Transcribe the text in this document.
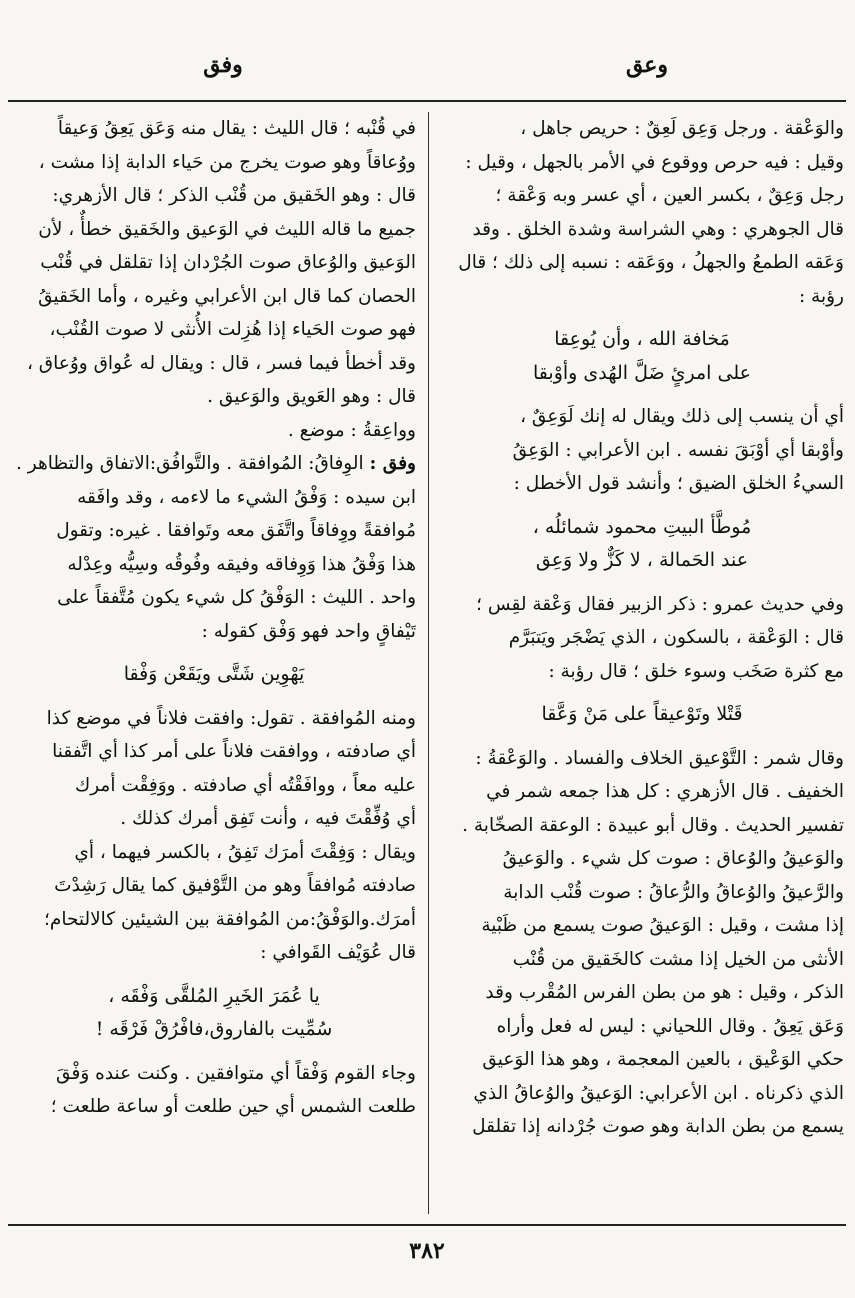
وعق
وفق

والوَعْقة . ورجل وَعِق لَعِقٌ : حريص جاهل ،

وقيل : فيه حرص ووقوع في الأمر بالجهل ، وقيل :

رجل وَعِقٌ ، بكسر العين ، أي عسر وبه وَعْقة ؛

قال الجوهري : وهي الشراسة وشدة الخلق . وقد

وَعَقه الطمعُ والجهلُ ، ووَعَقه : نسبه إلى ذلك ؛ قال

رؤبة :

مَخافة الله ، وأن يُوعِقا

على امرئٍ ضَلَّ الهُدى وأوْبقا

أي أن ينسب إلى ذلك ويقال له إنك لَوَعِقٌ ،

وأوْبقا أي أوْبَقَ نفسه . ابن الأعرابي : الوَعِقُ

السيءُ الخلق الضيق ؛ وأنشد قول الأخطل :

مُوطَّأ البيتِ محمود شمائلُه ،

عند الحَمالة ، لا كَزٌّ ولا وَعِق

وفي حديث عمرو : ذكر الزبير فقال وَعْقة لقِس ؛

قال : الوَعْقة ، بالسكون ، الذي يَضْجَر ويَتبَرَّم

مع كثرة صَخَب وسوء خلق ؛ قال رؤبة :

قَتْلا وتَوْعيقاً على مَنْ وَعَّقا

وقال شمر : التَّوْعيق الخلاف والفساد . والوَعْقةُ :

الخفيف . قال الأزهري : كل هذا جمعه شمر في

تفسير الحديث . وقال أبو عبيدة : الوعقة الصخّابة .

والوَعيقُ والوُعاق : صوت كل شيء . والوَعيقُ

والرَّعيقُ والوُعاقُ والرُّعاقُ : صوت قُنْب الدابة

إذا مشت ، وقيل : الوَعيقُ صوت يسمع من ظَبْية

الأنثى من الخيل إذا مشت كالخَقيق من قُنْب

الذكر ، وقيل : هو من بطن الفرس المُقْرب وقد

وَعَق يَعِقُ . وقال اللحياني : ليس له فعل وأراه

حكي الوَعْيق ، بالعين المعجمة ، وهو هذا الوَعيق

الذي ذكرناه . ابن الأعرابي: الوَعيقُ والوُعاقُ الذي

يسمع من بطن الدابة وهو صوت جُرْدانه إذا تقلقل

في قُنْبه ؛ قال الليث : يقال منه وَعَق يَعِقُ وَعيقاً

ووُعاقاً وهو صوت يخرج من حَياء الدابة إذا مشت ،

قال : وهو الخَقيق من قُنْب الذكر ؛ قال الأزهري:

جميع ما قاله الليث في الوَعيق والخَقيق خطأٌ ، لأن

الوَعيق والوُعاق صوت الجُرْدان إذا تقلقل في قُنْب

الحصان كما قال ابن الأعرابي وغيره ، وأما الخَقيقُ

فهو صوت الحَياء إذا هُزِلت الأُنثى لا صوت القُنْب،

وقد أخطأ فيما فسر ، قال : ويقال له عُواق ووُعاق ،

قال : وهو العَويق والوَعيق .

وواعِقةُ : موضع .

وفق : الوِفاقُ: المُوافقة . والتَّوافُق:الاتفاق والتظاهر .

ابن سيده : وَفْقُ الشيء ما لاءمه ، وقد وافَقه

مُوافقةً ووِفاقاً واتَّفَق معه وتَوافقا . غيره: وتقول

هذا وَفْقُ هذا وَوِفاقه وفيقه وفُوقُه وسِيُّه وعِدْله

واحد . الليث : الوَفْقُ كل شيء يكون مُتَّفقاً على

تَيْفاقٍ واحد فهو وَفْق كقوله :

يَهْوِين شَتَّى ويَقَعْن وَفْقا

ومنه المُوافقة . تقول: وافقت فلاناً في موضع كذا

أي صادفته ، ووافقت فلاناً على أمر كذا أي اتَّفقنا

عليه معاً ، ووافَقْتُه أي صادفته . ووَفِقْت أمرك

أي وُفِّقْتَ فيه ، وأنت تَفِق أمرك كذلك .

ويقال : وَفِقْتَ أمرَك تَفِقُ ، بالكسر فيهما ، أي

صادفته مُوافقاً وهو من التَّوْفيق كما يقال رَشِدْتَ

أمرَك.والوَفْقُ:من المُوافقة بين الشيئين كالالتحام؛

قال عُوَيْف القَوافي :

يا عُمَرَ الخَيرِ المُلقَّى وَفْقَه ،

سُمِّيت بالفاروق،فافْرُقْ فَرْقَه !

وجاء القوم وَفْقاً أي متوافقين . وكنت عنده وَفْقَ

طلعت الشمس أي حين طلعت أو ساعة طلعت ؛

٣٨٢
